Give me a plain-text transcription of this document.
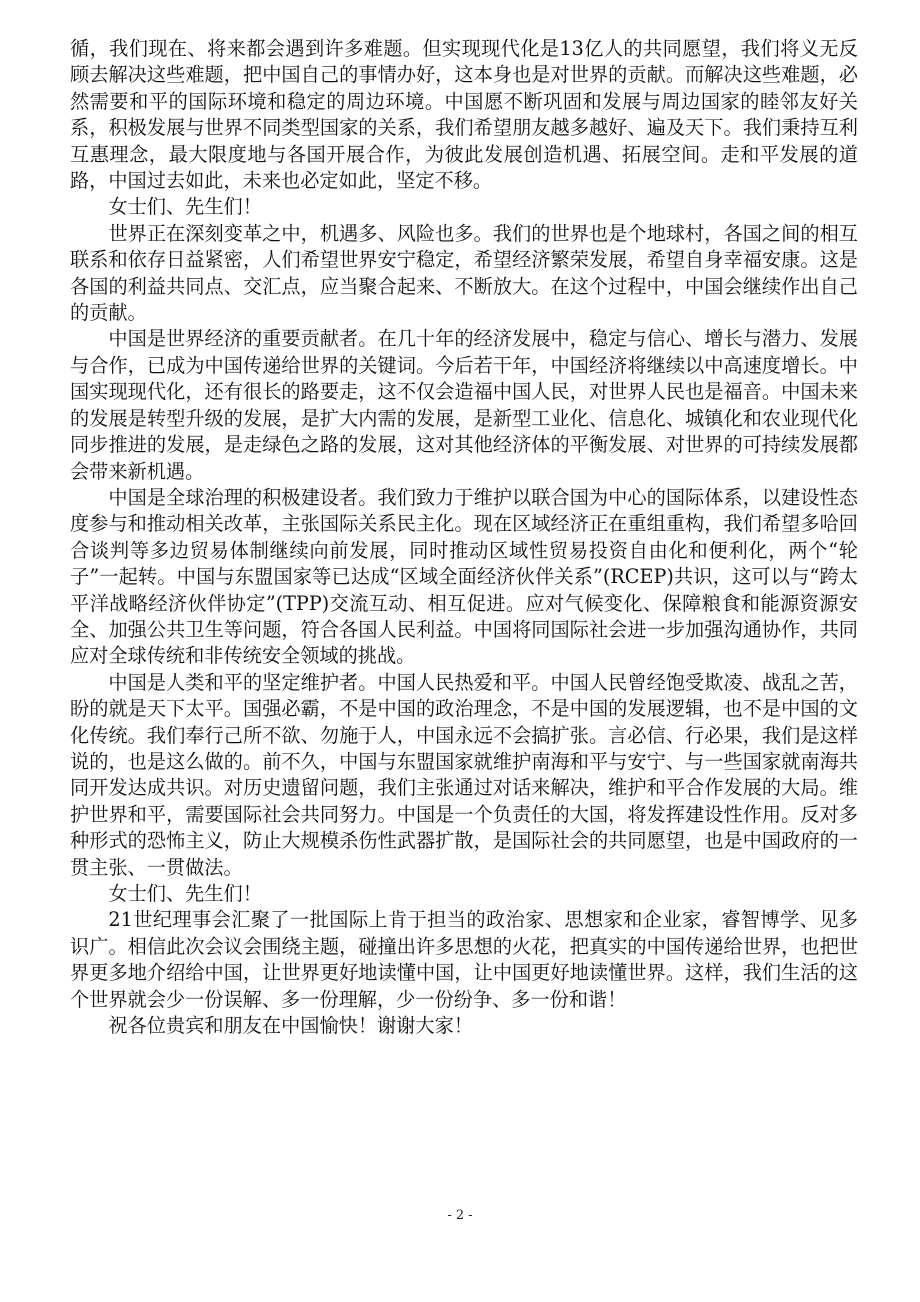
循，我们现在、将来都会遇到许多难题。但实现现代化是13亿人的共同愿望，我们将义无反顾去解决这些难题，把中国自己的事情办好，这本身也是对世界的贡献。而解决这些难题，必然需要和平的国际环境和稳定的周边环境。中国愿不断巩固和发展与周边国家的睦邻友好关系，积极发展与世界不同类型国家的关系，我们希望朋友越多越好、遍及天下。我们秉持互利互惠理念，最大限度地与各国开展合作，为彼此发展创造机遇、拓展空间。走和平发展的道路，中国过去如此，未来也必定如此，坚定不移。

女士们、先生们！

世界正在深刻变革之中，机遇多、风险也多。我们的世界也是个地球村，各国之间的相互联系和依存日益紧密，人们希望世界安宁稳定，希望经济繁荣发展，希望自身幸福安康。这是各国的利益共同点、交汇点，应当聚合起来、不断放大。在这个过程中，中国会继续作出自己的贡献。

中国是世界经济的重要贡献者。在几十年的经济发展中，稳定与信心、增长与潜力、发展与合作，已成为中国传递给世界的关键词。今后若干年，中国经济将继续以中高速度增长。中国实现现代化，还有很长的路要走，这不仅会造福中国人民，对世界人民也是福音。中国未来的发展是转型升级的发展，是扩大内需的发展，是新型工业化、信息化、城镇化和农业现代化同步推进的发展，是走绿色之路的发展，这对其他经济体的平衡发展、对世界的可持续发展都会带来新机遇。

中国是全球治理的积极建设者。我们致力于维护以联合国为中心的国际体系，以建设性态度参与和推动相关改革，主张国际关系民主化。现在区域经济正在重组重构，我们希望多哈回合谈判等多边贸易体制继续向前发展，同时推动区域性贸易投资自由化和便利化，两个“轮子”一起转。中国与东盟国家等已达成“区域全面经济伙伴关系”(RCEP)共识，这可以与“跨太平洋战略经济伙伴协定”(TPP)交流互动、相互促进。应对气候变化、保障粮食和能源资源安全、加强公共卫生等问题，符合各国人民利益。中国将同国际社会进一步加强沟通协作，共同应对全球传统和非传统安全领域的挑战。

中国是人类和平的坚定维护者。中国人民热爱和平。中国人民曾经饱受欺凌、战乱之苦，盼的就是天下太平。国强必霸，不是中国的政治理念，不是中国的发展逻辑，也不是中国的文化传统。我们奉行己所不欲、勿施于人，中国永远不会搞扩张。言必信、行必果，我们是这样说的，也是这么做的。前不久，中国与东盟国家就维护南海和平与安宁、与一些国家就南海共同开发达成共识。对历史遗留问题，我们主张通过对话来解决，维护和平合作发展的大局。维护世界和平，需要国际社会共同努力。中国是一个负责任的大国，将发挥建设性作用。反对多种形式的恐怖主义，防止大规模杀伤性武器扩散，是国际社会的共同愿望，也是中国政府的一贯主张、一贯做法。

女士们、先生们！

21世纪理事会汇聚了一批国际上肯于担当的政治家、思想家和企业家，睿智博学、见多识广。相信此次会议会围绕主题，碰撞出许多思想的火花，把真实的中国传递给世界，也把世界更多地介绍给中国，让世界更好地读懂中国，让中国更好地读懂世界。这样，我们生活的这个世界就会少一份误解、多一份理解，少一份纷争、多一份和谐！

祝各位贵宾和朋友在中国愉快！谢谢大家！

- 2 -
